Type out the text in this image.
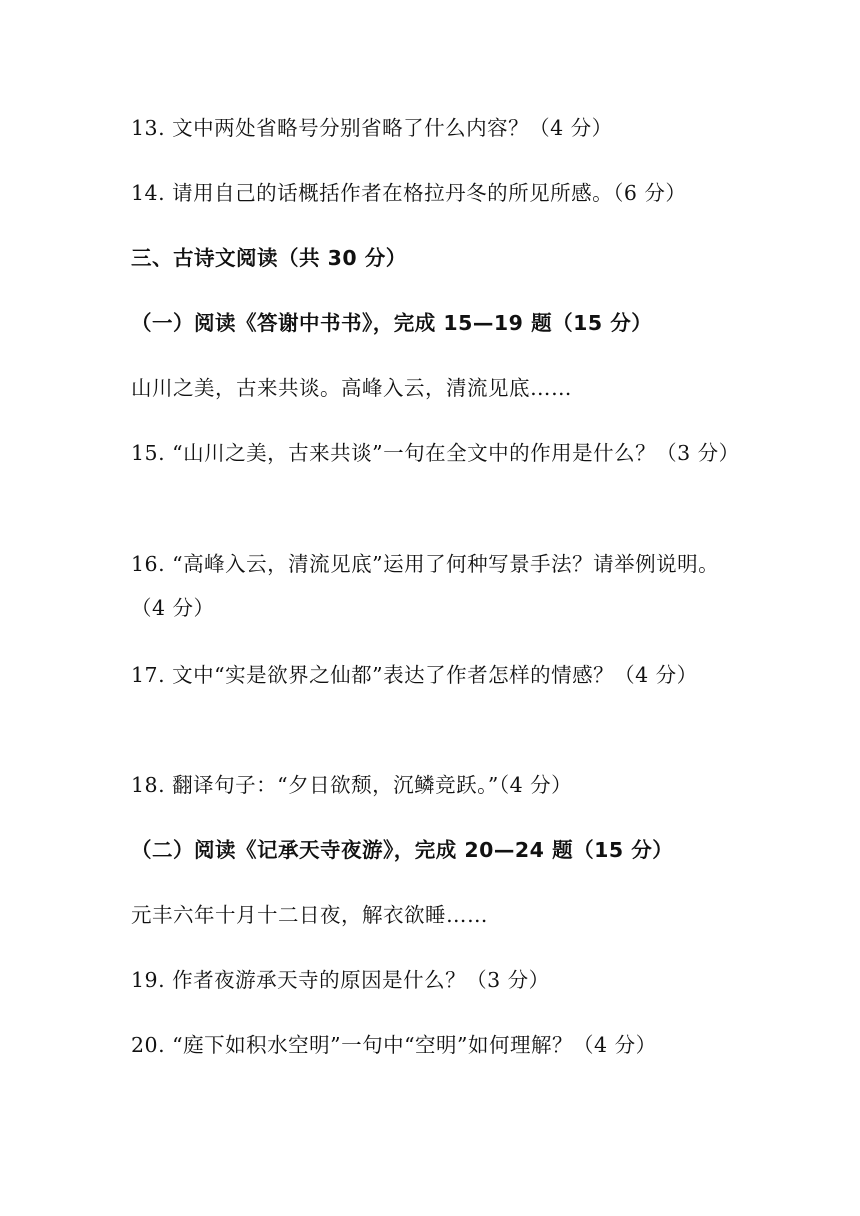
13. 文中两处省略号分别省略了什么内容？（4 分）
14. 请用自己的话概括作者在格拉丹冬的所见所感。（6 分）
三、古诗文阅读（共 30 分）
（一）阅读《答谢中书书》，完成 15—19 题（15 分）
山川之美，古来共谈。高峰入云，清流见底……
15. “山川之美，古来共谈”一句在全文中的作用是什么？（3 分）
16. “高峰入云，清流见底”运用了何种写景手法？请举例说明。（4 分）
17. 文中“实是欲界之仙都”表达了作者怎样的情感？（4 分）
18. 翻译句子：“夕日欲颓，沉鳞竞跃。”（4 分）
（二）阅读《记承天寺夜游》，完成 20—24 题（15 分）
元丰六年十月十二日夜，解衣欲睡……
19. 作者夜游承天寺的原因是什么？（3 分）
20. “庭下如积水空明”一句中“空明”如何理解？（4 分）
